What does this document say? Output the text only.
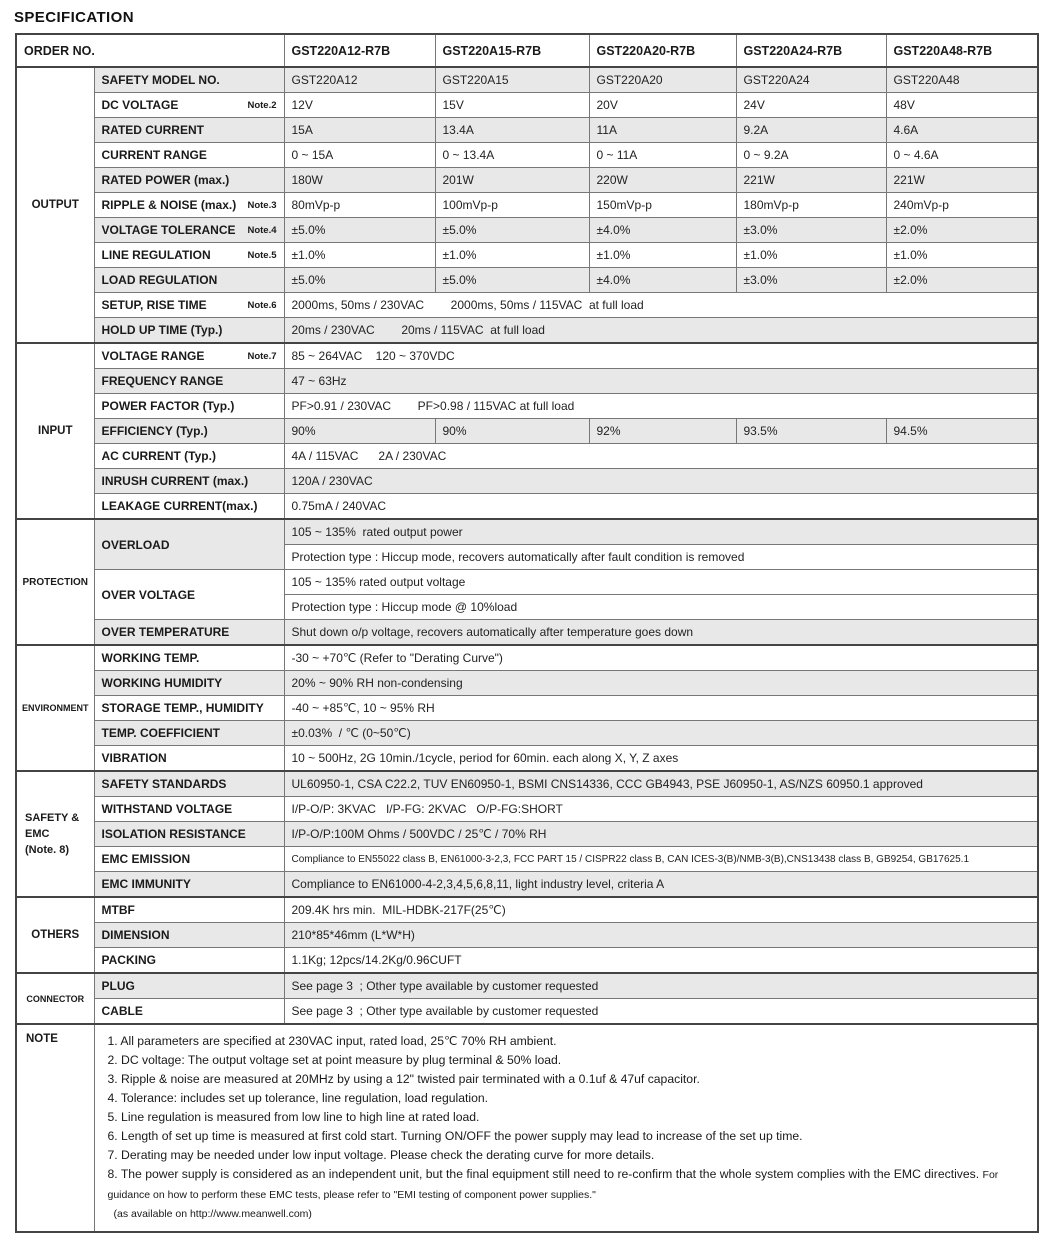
SPECIFICATION
ORDER NO.		GST220A12-R7B	GST220A15-R7B	GST220A20-R7B	GST220A24-R7B	GST220A48-R7B
OUTPUT	SAFETY MODEL NO.	GST220A12	GST220A15	GST220A20	GST220A24	GST220A48

	DC VOLTAGE Note.2	12V	15V	20V	24V	48V

	RATED CURRENT	15A	13.4A	11A	9.2A	4.6A

	CURRENT RANGE	0 ~ 15A	0 ~ 13.4A	0 ~ 11A	0 ~ 9.2A	0 ~ 4.6A

	RATED POWER (max.)	180W	201W	220W	221W	221W

	RIPPLE & NOISE (max.) Note.3	80mVp-p	100mVp-p	150mVp-p	180mVp-p	240mVp-p

	VOLTAGE TOLERANCE Note.4	±5.0%	±5.0%	±4.0%	±3.0%	±2.0%

	LINE REGULATION Note.5	±1.0%	±1.0%	±1.0%	±1.0%	±1.0%

	LOAD REGULATION	±5.0%	±5.0%	±4.0%	±3.0%	±2.0%

	SETUP, RISE TIME Note.6	2000ms, 50ms / 230VAC        2000ms, 50ms / 115VAC  at full load				

	HOLD UP TIME (Typ.)	20ms / 230VAC        20ms / 115VAC  at full load				
INPUT	VOLTAGE RANGE Note.7	85 ~ 264VAC    120 ~ 370VDC				

	FREQUENCY RANGE	47 ~ 63Hz				

	POWER FACTOR (Typ.)	PF>0.91 / 230VAC        PF>0.98 / 115VAC at full load				

	EFFICIENCY (Typ.)	90%	90%	92%	93.5%	94.5%

	AC CURRENT (Typ.)	4A / 115VAC      2A / 230VAC				

	INRUSH CURRENT (max.)	120A / 230VAC				

	LEAKAGE CURRENT(max.)	0.75mA / 240VAC				
PROTECTION	OVERLOAD	105 ~ 135%  rated output power				
		Protection type : Hiccup mode, recovers automatically after fault condition is removed				

	OVER VOLTAGE	105 ~ 135% rated output voltage				
		Protection type : Hiccup mode @ 10%load				

	OVER TEMPERATURE	Shut down o/p voltage, recovers automatically after temperature goes down				
ENVIRONMENT	WORKING TEMP.	-30 ~ +70℃ (Refer to "Derating Curve")				

	WORKING HUMIDITY	20% ~ 90% RH non-condensing				

	STORAGE TEMP., HUMIDITY	-40 ~ +85℃, 10 ~ 95% RH				

	TEMP. COEFFICIENT	±0.03%  / ℃ (0~50℃)				

	VIBRATION	10 ~ 500Hz, 2G 10min./1cycle, period for 60min. each along X, Y, Z axes				

SAFETY &
EMC
(Note. 8)	SAFETY STANDARDS	UL60950-1, CSA C22.2, TUV EN60950-1, BSMI CNS14336, CCC GB4943, PSE J60950-1, AS/NZS 60950.1 approved				

	WITHSTAND VOLTAGE	I/P-O/P: 3KVAC   I/P-FG: 2KVAC   O/P-FG:SHORT				

	ISOLATION RESISTANCE	I/P-O/P:100M Ohms / 500VDC / 25℃ / 70% RH				

	EMC EMISSION	Compliance to EN55022 class B, EN61000-3-2,3, FCC PART 15 / CISPR22 class B, CAN ICES-3(B)/NMB-3(B),CNS13438 class B, GB9254, GB17625.1				

	EMC IMMUNITY	Compliance to EN61000-4-2,3,4,5,6,8,11, light industry level, criteria A				
OTHERS	MTBF	209.4K hrs min.  MIL-HDBK-217F(25℃)				

	DIMENSION	210*85*46mm (L*W*H)				

	PACKING	1.1Kg; 12pcs/14.2Kg/0.96CUFT				
CONNECTOR	PLUG	See page 3  ; Other type available by customer requested				

	CABLE	See page 3  ; Other type available by customer requested				
NOTE	1. All parameters are specified at 230VAC input, rated load, 25℃ 70% RH ambient.
2. DC voltage: The output voltage set at point measure by plug terminal & 50% load.
3. Ripple & noise are measured at 20MHz by using a 12" twisted pair terminated with a 0.1uf & 47uf capacitor.
4. Tolerance: includes set up tolerance, line regulation, load regulation.
5. Line regulation is measured from low line to high line at rated load.
6. Length of set up time is measured at first cold start. Turning ON/OFF the power supply may lead to increase of the set up time.
7. Derating may be needed under low input voltage. Please check the derating curve for more details.
8. The power supply is considered as an independent unit, but the final equipment still need to re-confirm that the whole system complies with the EMC directives. For guidance on how to perform these EMC tests, please refer to "EMI testing of component power supplies."
(as available on http://www.meanwell.com)
